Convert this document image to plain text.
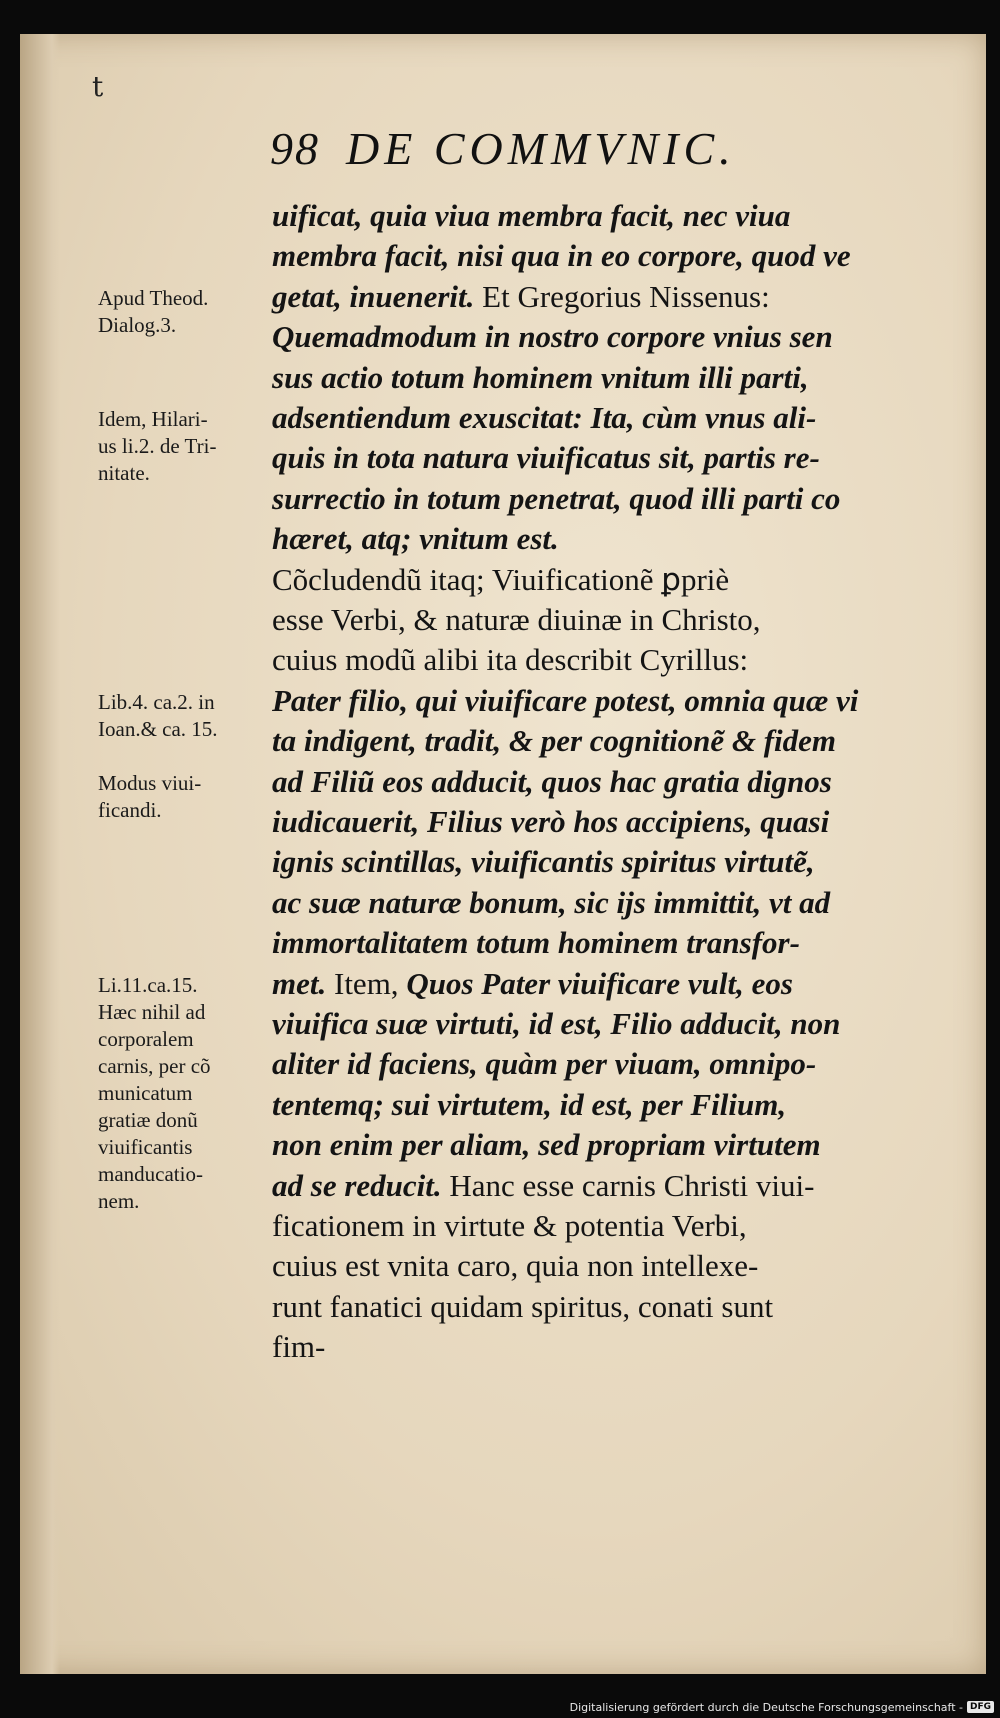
t
98 DE COMMVNIC.
uificat, quia viua membra facit, nec viua
membra facit, nisi qua in eo corpore, quod ve
getat, inuenerit. Et Gregorius Nissenus:
Quemadmodum in nostro corpore vnius sen
sus actio totum hominem vnitum illi parti,
adsentiendum exuscitat: Ita, cùm vnus ali-
quis in tota natura viuificatus sit, partis re-
surrectio in totum penetrat, quod illi parti co
hæret, atq; vnitum est.
Cõcludendũ itaq; Viuificationẽ ꝑpriè
esse Verbi, & naturæ diuinæ in Christo,
cuius modũ alibi ita describit Cyrillus:
Pater filio, qui viuificare potest, omnia quæ vi
ta indigent, tradit, & per cognitionẽ & fidem
ad Filiũ eos adducit, quos hac gratia dignos
iudicauerit, Filius verò hos accipiens, quasi
ignis scintillas, viuificantis spiritus virtutẽ,
ac suæ naturæ bonum, sic ijs immittit, vt ad
immortalitatem totum hominem transfor-
met. Item, Quos Pater viuificare vult, eos
viuifica suæ virtuti, id est, Filio adducit, non
aliter id faciens, quàm per viuam, omnipo-
tentemq; sui virtutem, id est, per Filium,
non enim per aliam, sed propriam virtutem
ad se reducit. Hanc esse carnis Christi viui-
ficationem in virtute & potentia Verbi,
cuius est vnita caro, quia non intellexe-
runt fanatici quidam spiritus, conati sunt
fim-
Apud Theod.
Dialog.3.
Idem, Hilari-
us li.2. de Tri-
nitate.
Lib.4. ca.2. in
Ioan.& ca. 15.
Modus viui-
ficandi.
Li.11.ca.15.
Hæc nihil ad
corporalem
carnis, per cõ
municatum
gratiæ donũ
viuificantis
manducatio-
nem.
Digitalisierung gefördert durch die Deutsche Forschungsgemeinschaft - DFG
